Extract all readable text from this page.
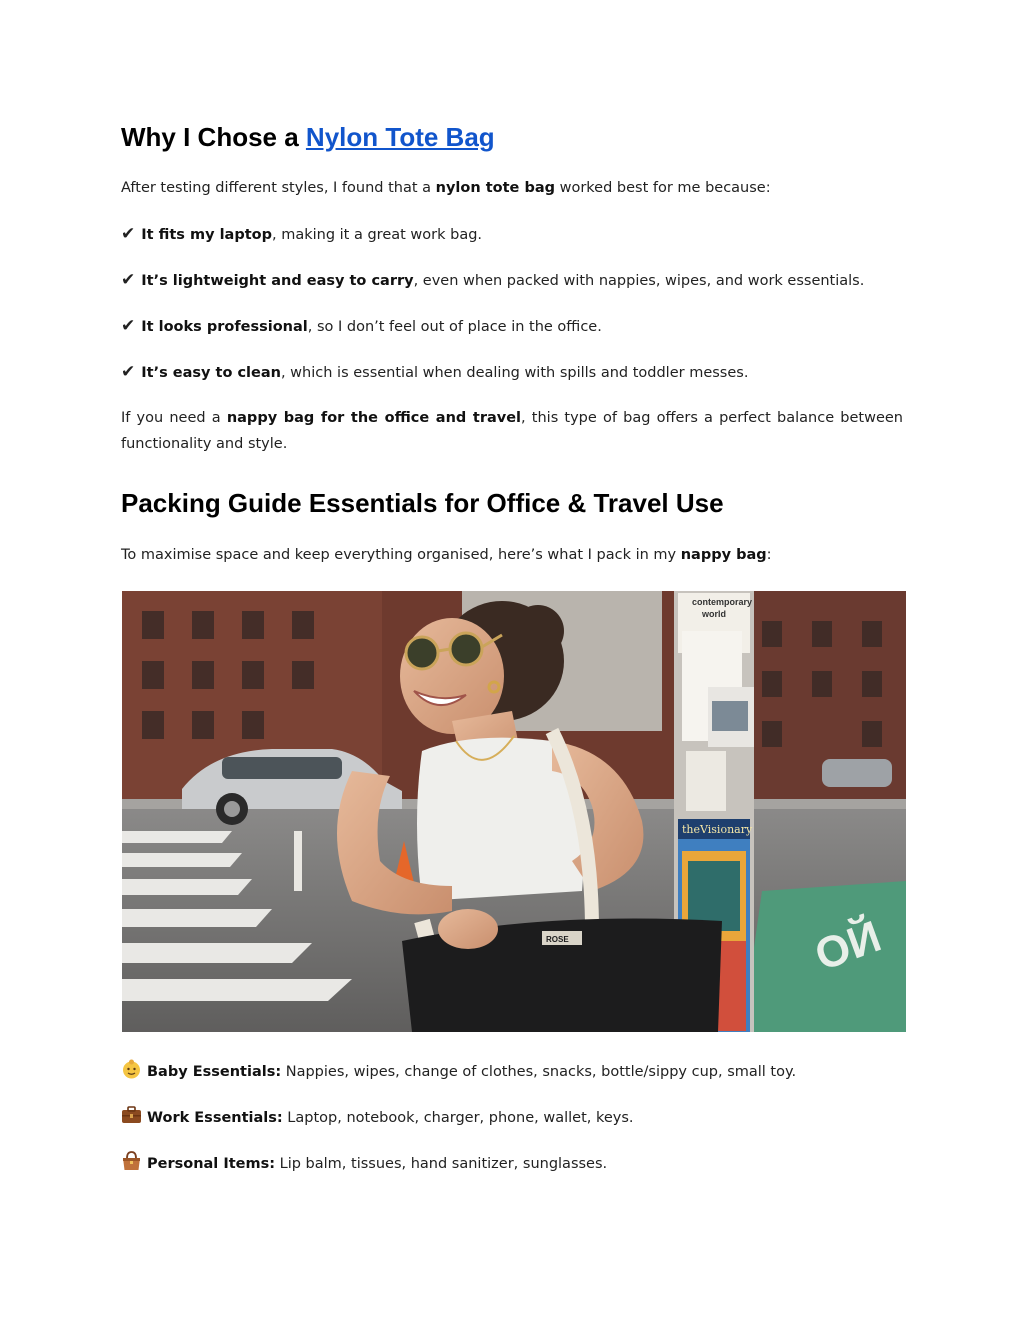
Why I Chose a Nylon Tote Bag
After testing different styles, I found that a nylon tote bag worked best for me because:
✔ It fits my laptop, making it a great work bag.
✔ It’s lightweight and easy to carry, even when packed with nappies, wipes, and work essentials.
✔ It looks professional, so I don’t feel out of place in the office.
✔ It’s easy to clean, which is essential when dealing with spills and toddler messes.
If you need a nappy bag for the office and travel, this type of bag offers a perfect balance between functionality and style.
Packing Guide Essentials for Office & Travel Use
To maximise space and keep everything organised, here’s what I pack in my nappy bag:
ОЙ
contemporary
world
theVisionary
ROSE
Baby Essentials: Nappies, wipes, change of clothes, snacks, bottle/sippy cup, small toy.
Work Essentials: Laptop, notebook, charger, phone, wallet, keys.
Personal Items: Lip balm, tissues, hand sanitizer, sunglasses.
